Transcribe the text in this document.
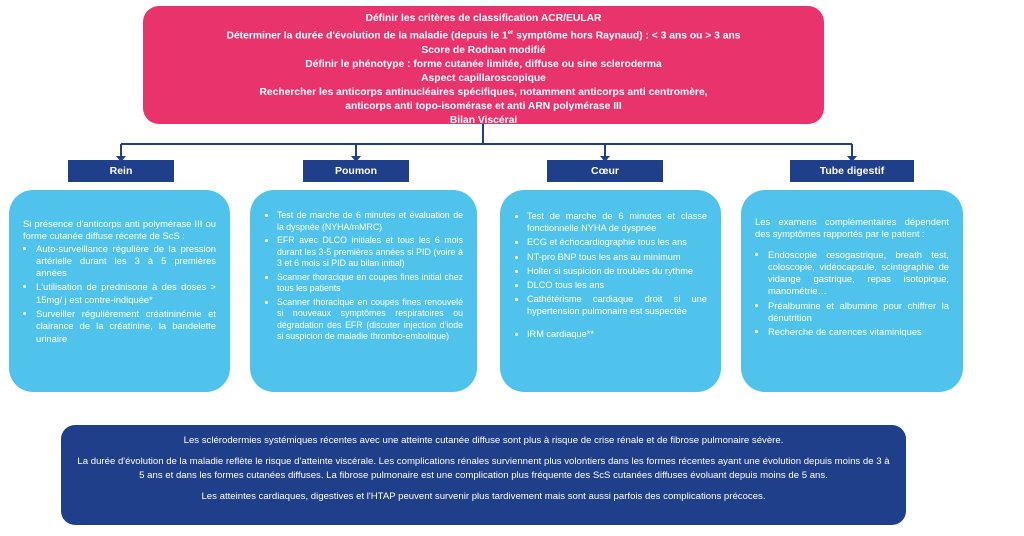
Définir les critères de classification ACR/EULAR
Déterminer la durée d'évolution de la maladie (depuis le 1er symptôme hors Raynaud) : < 3 ans ou > 3 ans
Score de Rodnan modifié
Définir le phénotype : forme cutanée limitée, diffuse ou sine scleroderma
Aspect capillaroscopique
Rechercher les anticorps antinucléaires spécifiques, notamment anticorps anti centromère,
anticorps anti topo-isomérase et anti ARN polymérase III
Bilan Viscéral
Rein	Poumon	Cœur	Tube digestif

Si présence d'anticorps anti polymérase III ou forme cutanée diffuse récente de ScS :

• Auto-surveillance régulière de la pression artérielle durant les 3 à 5 premières années
• L'utilisation de prednisone à des doses > 15mg/ j est contre-indiquée*
• Surveiller régulièrement créatininémie et clairance de la créatinine, la bandelette urinaire
• Test de marche de 6 minutes et évaluation de la dyspnée (NYHA/mMRC)
• EFR avec DLCO initiales et tous les 6 mois durant les 3-5 premières années si PID (voire à 3 et 6 mois si PID au bilan initial)
• Scanner thoracique en coupes fines initial chez tous les patients
• Scanner thoracique en coupes fines renouvelé si nouveaux symptômes respiratoires ou dégradation des EFR (discuter injection d'iode si suspicion de maladie thrombo-embolique)
• Test de marche de 6 minutes et classe fonctionnelle NYHA de dyspnée
• ECG et échocardiographie tous les ans
• NT-pro BNP tous les ans au minimum
• Holter si suspicion de troubles du rythme
• DLCO tous les ans
• Cathétérisme cardiaque droit si une hypertension pulmonaire est suspectée
• IRM cardiaque**

Les examens complémentaires dépendent des symptômes rapportés par le patient :

• Endoscopie œsogastrique, breath test, coloscopie, vidéocapsule, scintigraphie de vidange gastrique, repas isotopique, manométrie…
• Préalbumine et albumine pour chiffrer la dénutrition
• Recherche de carences vitaminiques

Les sclérodermies systémiques récentes avec une atteinte cutanée diffuse sont plus à risque de crise rénale et de fibrose pulmonaire sévère.

La durée d'évolution de la maladie reflète le risque d'atteinte viscérale. Les complications rénales surviennent plus volontiers dans les formes récentes ayant une évolution depuis moins de 3 à 5 ans et dans les formes cutanées diffuses. La fibrose pulmonaire est une complication plus fréquente des ScS cutanées diffuses évoluant depuis moins de 5 ans.

Les atteintes cardiaques, digestives et l'HTAP peuvent survenir plus tardivement mais sont aussi parfois des complications précoces.
